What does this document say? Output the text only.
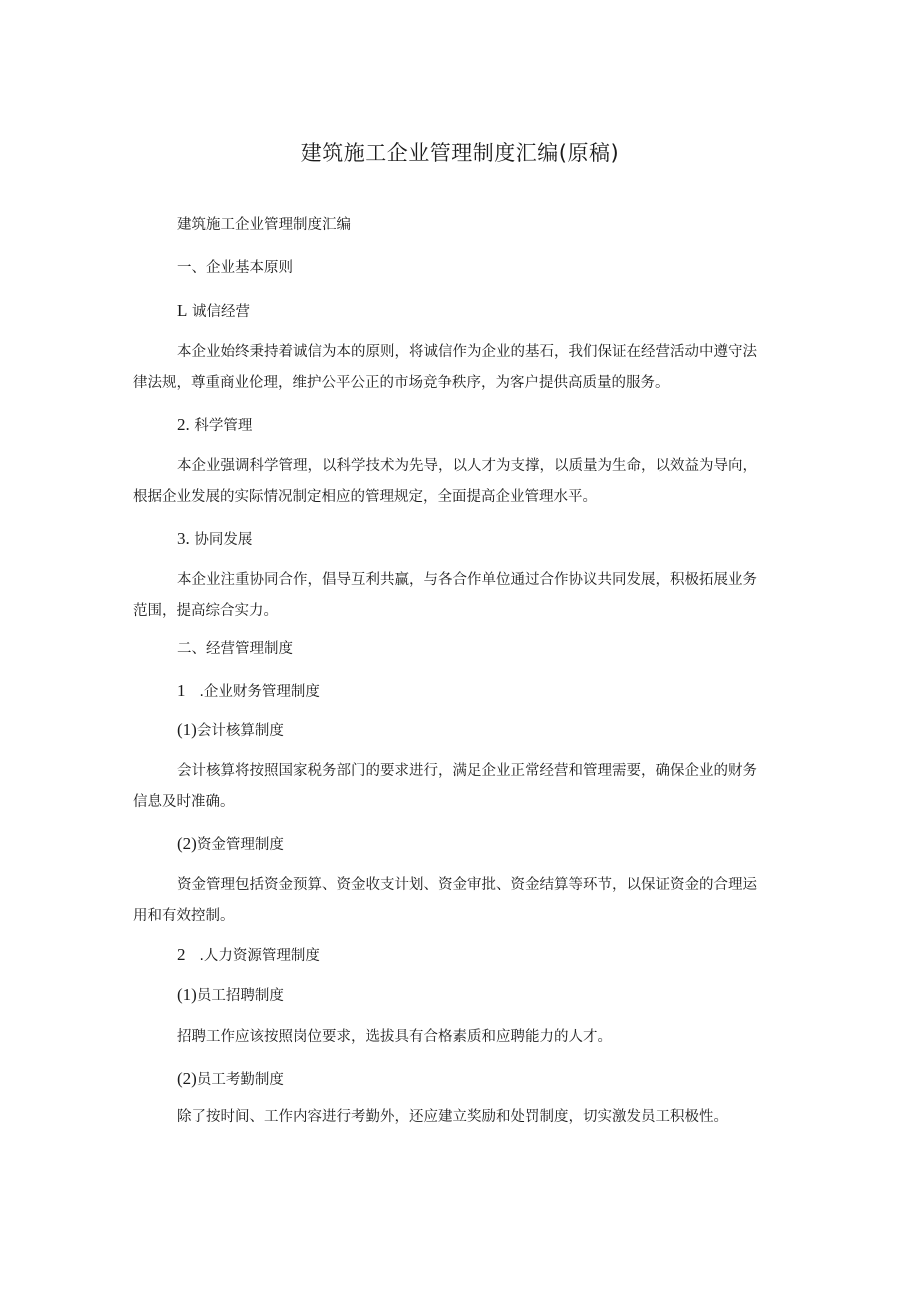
建筑施工企业管理制度汇编(原稿)

建筑施工企业管理制度汇编

一、企业基本原则

L 诚信经营

本企业始终秉持着诚信为本的原则，将诚信作为企业的基石，我们保证在经营活动中遵守法
律法规，尊重商业伦理，维护公平公正的市场竞争秩序，为客户提供高质量的服务。

2. 科学管理

本企业强调科学管理，以科学技术为先导，以人才为支撑，以质量为生命，以效益为导向，
根据企业发展的实际情况制定相应的管理规定，全面提高企业管理水平。

3. 协同发展

本企业注重协同合作，倡导互利共赢，与各合作单位通过合作协议共同发展，积极拓展业务
范围，提高综合实力。

二、经营管理制度

1 .企业财务管理制度

(1)会计核算制度

会计核算将按照国家税务部门的要求进行，满足企业正常经营和管理需要，确保企业的财务
信息及时准确。

(2)资金管理制度

资金管理包括资金预算、资金收支计划、资金审批、资金结算等环节，以保证资金的合理运
用和有效控制。

2 .人力资源管理制度

(1)员工招聘制度

招聘工作应该按照岗位要求，选拔具有合格素质和应聘能力的人才。

(2)员工考勤制度

除了按时间、工作内容进行考勤外，还应建立奖励和处罚制度，切实激发员工积极性。
